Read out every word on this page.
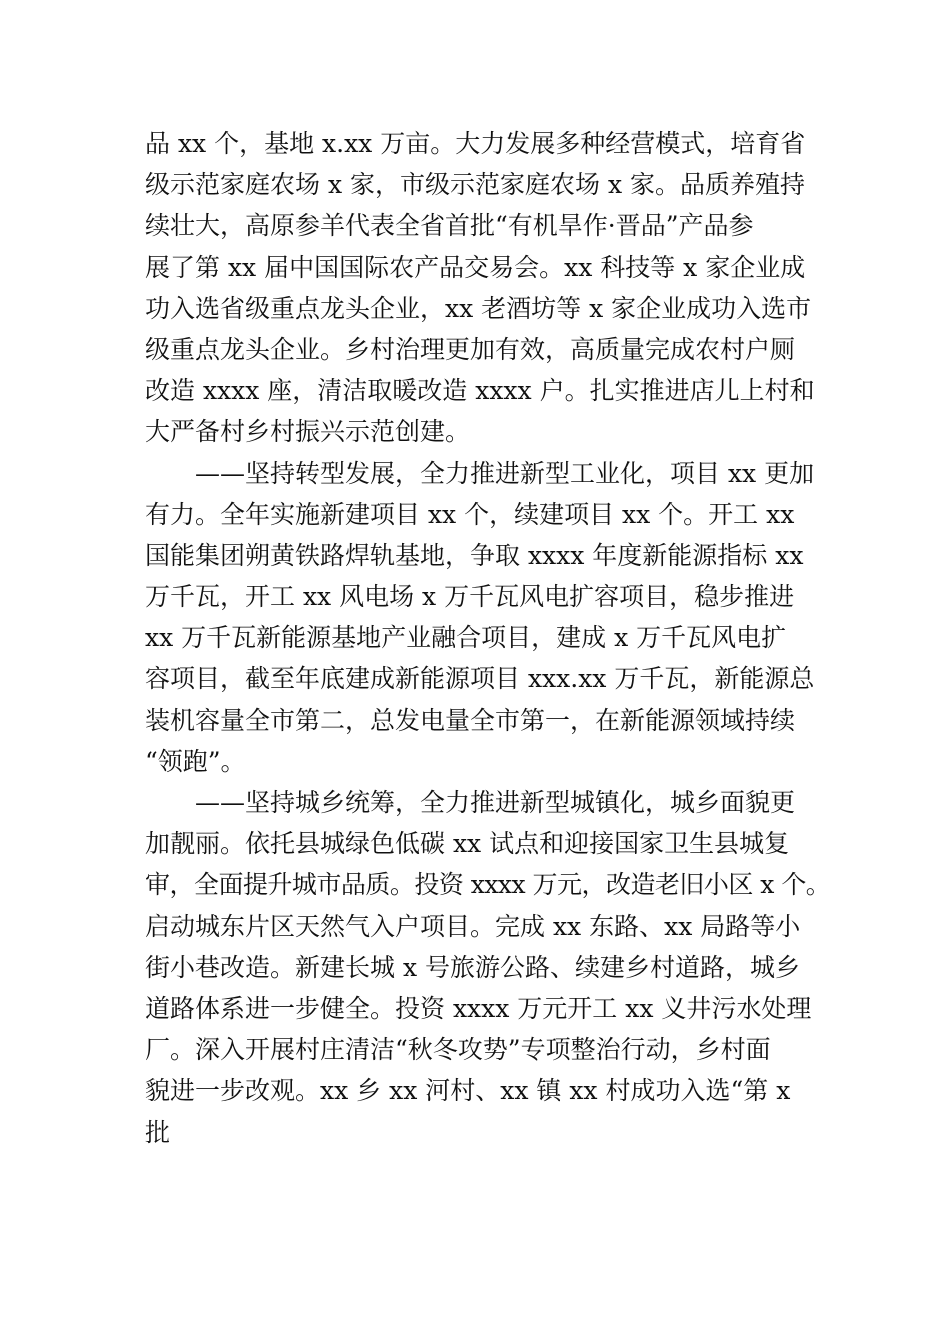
品 xx 个，基地 x.xx 万亩。大力发展多种经营模式，培育省
级示范家庭农场 x 家，市级示范家庭农场 x 家。品质养殖持
续壮大，高原参羊代表全省首批“有机旱作·晋品”产品参
展了第 xx 届中国国际农产品交易会。xx 科技等 x 家企业成
功入选省级重点龙头企业，xx 老酒坊等 x 家企业成功入选市
级重点龙头企业。乡村治理更加有效，高质量完成农村户厕
改造 xxxx 座，清洁取暖改造 xxxx 户。扎实推进店儿上村和
大严备村乡村振兴示范创建。
　　——坚持转型发展，全力推进新型工业化，项目 xx 更加
有力。全年实施新建项目 xx 个，续建项目 xx 个。开工 xx
国能集团朔黄铁路焊轨基地，争取 xxxx 年度新能源指标 xx
万千瓦，开工 xx 风电场 x 万千瓦风电扩容项目，稳步推进
xx 万千瓦新能源基地产业融合项目，建成 x 万千瓦风电扩
容项目，截至年底建成新能源项目 xxx.xx 万千瓦，新能源总
装机容量全市第二，总发电量全市第一，在新能源领域持续
“领跑”。
　　——坚持城乡统筹，全力推进新型城镇化，城乡面貌更
加靓丽。依托县城绿色低碳 xx 试点和迎接国家卫生县城复
审，全面提升城市品质。投资 xxxx 万元，改造老旧小区 x 个。
启动城东片区天然气入户项目。完成 xx 东路、xx 局路等小
街小巷改造。新建长城 x 号旅游公路、续建乡村道路，城乡
道路体系进一步健全。投资 xxxx 万元开工 xx 义井污水处理
厂。深入开展村庄清洁“秋冬攻势”专项整治行动，乡村面
貌进一步改观。xx 乡 xx 河村、xx 镇 xx 村成功入选“第 x
批
